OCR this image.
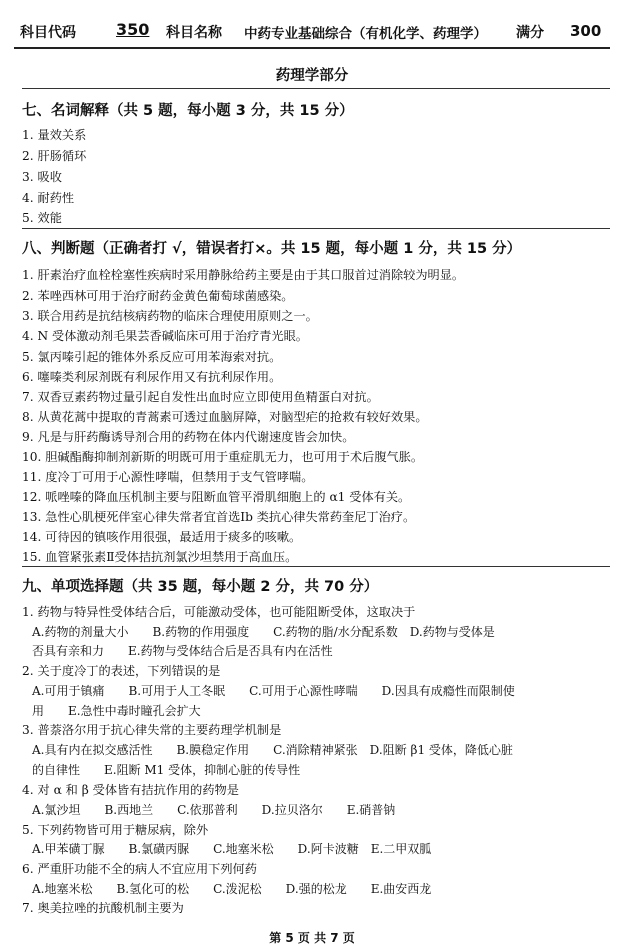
科目代码	350 科目名称 中药专业基础综合（有机化学、药理学） 满分 300
药理学部分
七、名词解释（共 5 题，每小题 3 分，共 15 分）
1. 量效关系
2. 肝肠循环
3. 吸收
4. 耐药性
5. 效能
八、判断题（正确者打 √，错误者打×。共 15 题，每小题 1 分，共 15 分）
1. 肝素治疗血栓栓塞性疾病时采用静脉给药主要是由于其口服首过消除较为明显。
2. 苯唑西林可用于治疗耐药金黄色葡萄球菌感染。
3. 联合用药是抗结核病药物的临床合理使用原则之一。
4. N 受体激动剂毛果芸香碱临床可用于治疗青光眼。
5. 氯丙嗪引起的锥体外系反应可用苯海索对抗。
6. 噻嗪类利尿剂既有利尿作用又有抗利尿作用。
7. 双香豆素药物过量引起自发性出血时应立即使用鱼精蛋白对抗。
8. 从黄花蒿中提取的青蒿素可透过血脑屏障，对脑型疟的抢救有较好效果。
9. 凡是与肝药酶诱导剂合用的药物在体内代谢速度皆会加快。
10. 胆碱酯酶抑制剂新斯的明既可用于重症肌无力，也可用于术后腹气胀。
11. 度冷丁可用于心源性哮喘，但禁用于支气管哮喘。
12. 哌唑嗪的降血压机制主要与阻断血管平滑肌细胞上的 α1 受体有关。
13. 急性心肌梗死伴室心律失常者宜首选Ⅰb 类抗心律失常药奎尼丁治疗。
14. 可待因的镇咳作用很强，最适用于痰多的咳嗽。
15. 血管紧张素Ⅱ受体拮抗剂氯沙坦禁用于高血压。
九、单项选择题（共 35 题，每小题 2 分，共 70 分）
1. 药物与特异性受体结合后，可能激动受体，也可能阻断受体，这取决于
A.药物的剂量大小　　B.药物的作用强度　　C.药物的脂/水分配系数　D.药物与受体是
否具有亲和力　　E.药物与受体结合后是否具有内在活性
2. 关于度冷丁的表述，下列错误的是
A.可用于镇痛　　B.可用于人工冬眠　　C.可用于心源性哮喘　　D.因具有成瘾性而限制使
用　　E.急性中毒时瞳孔会扩大
3. 普萘洛尔用于抗心律失常的主要药理学机制是
A.具有内在拟交感活性　　B.膜稳定作用　　C.消除精神紧张　D.阻断 β1 受体，降低心脏
的自律性　　E.阻断 M1 受体，抑制心脏的传导性
4. 对 α 和 β 受体皆有拮抗作用的药物是
A.氯沙坦　　B.西地兰　　C.依那普利　　D.拉贝洛尔　　E.硝普钠
5. 下列药物皆可用于糖尿病，除外
A.甲苯磺丁脲　　B.氯磺丙脲　　C.地塞米松　　D.阿卡波糖　E.二甲双胍
6. 严重肝功能不全的病人不宜应用下列何药
A.地塞米松　　B.氢化可的松　　C.泼泥松　　D.强的松龙　　E.曲安西龙
7. 奥美拉唑的抗酸机制主要为
第 5 页 共 7 页
